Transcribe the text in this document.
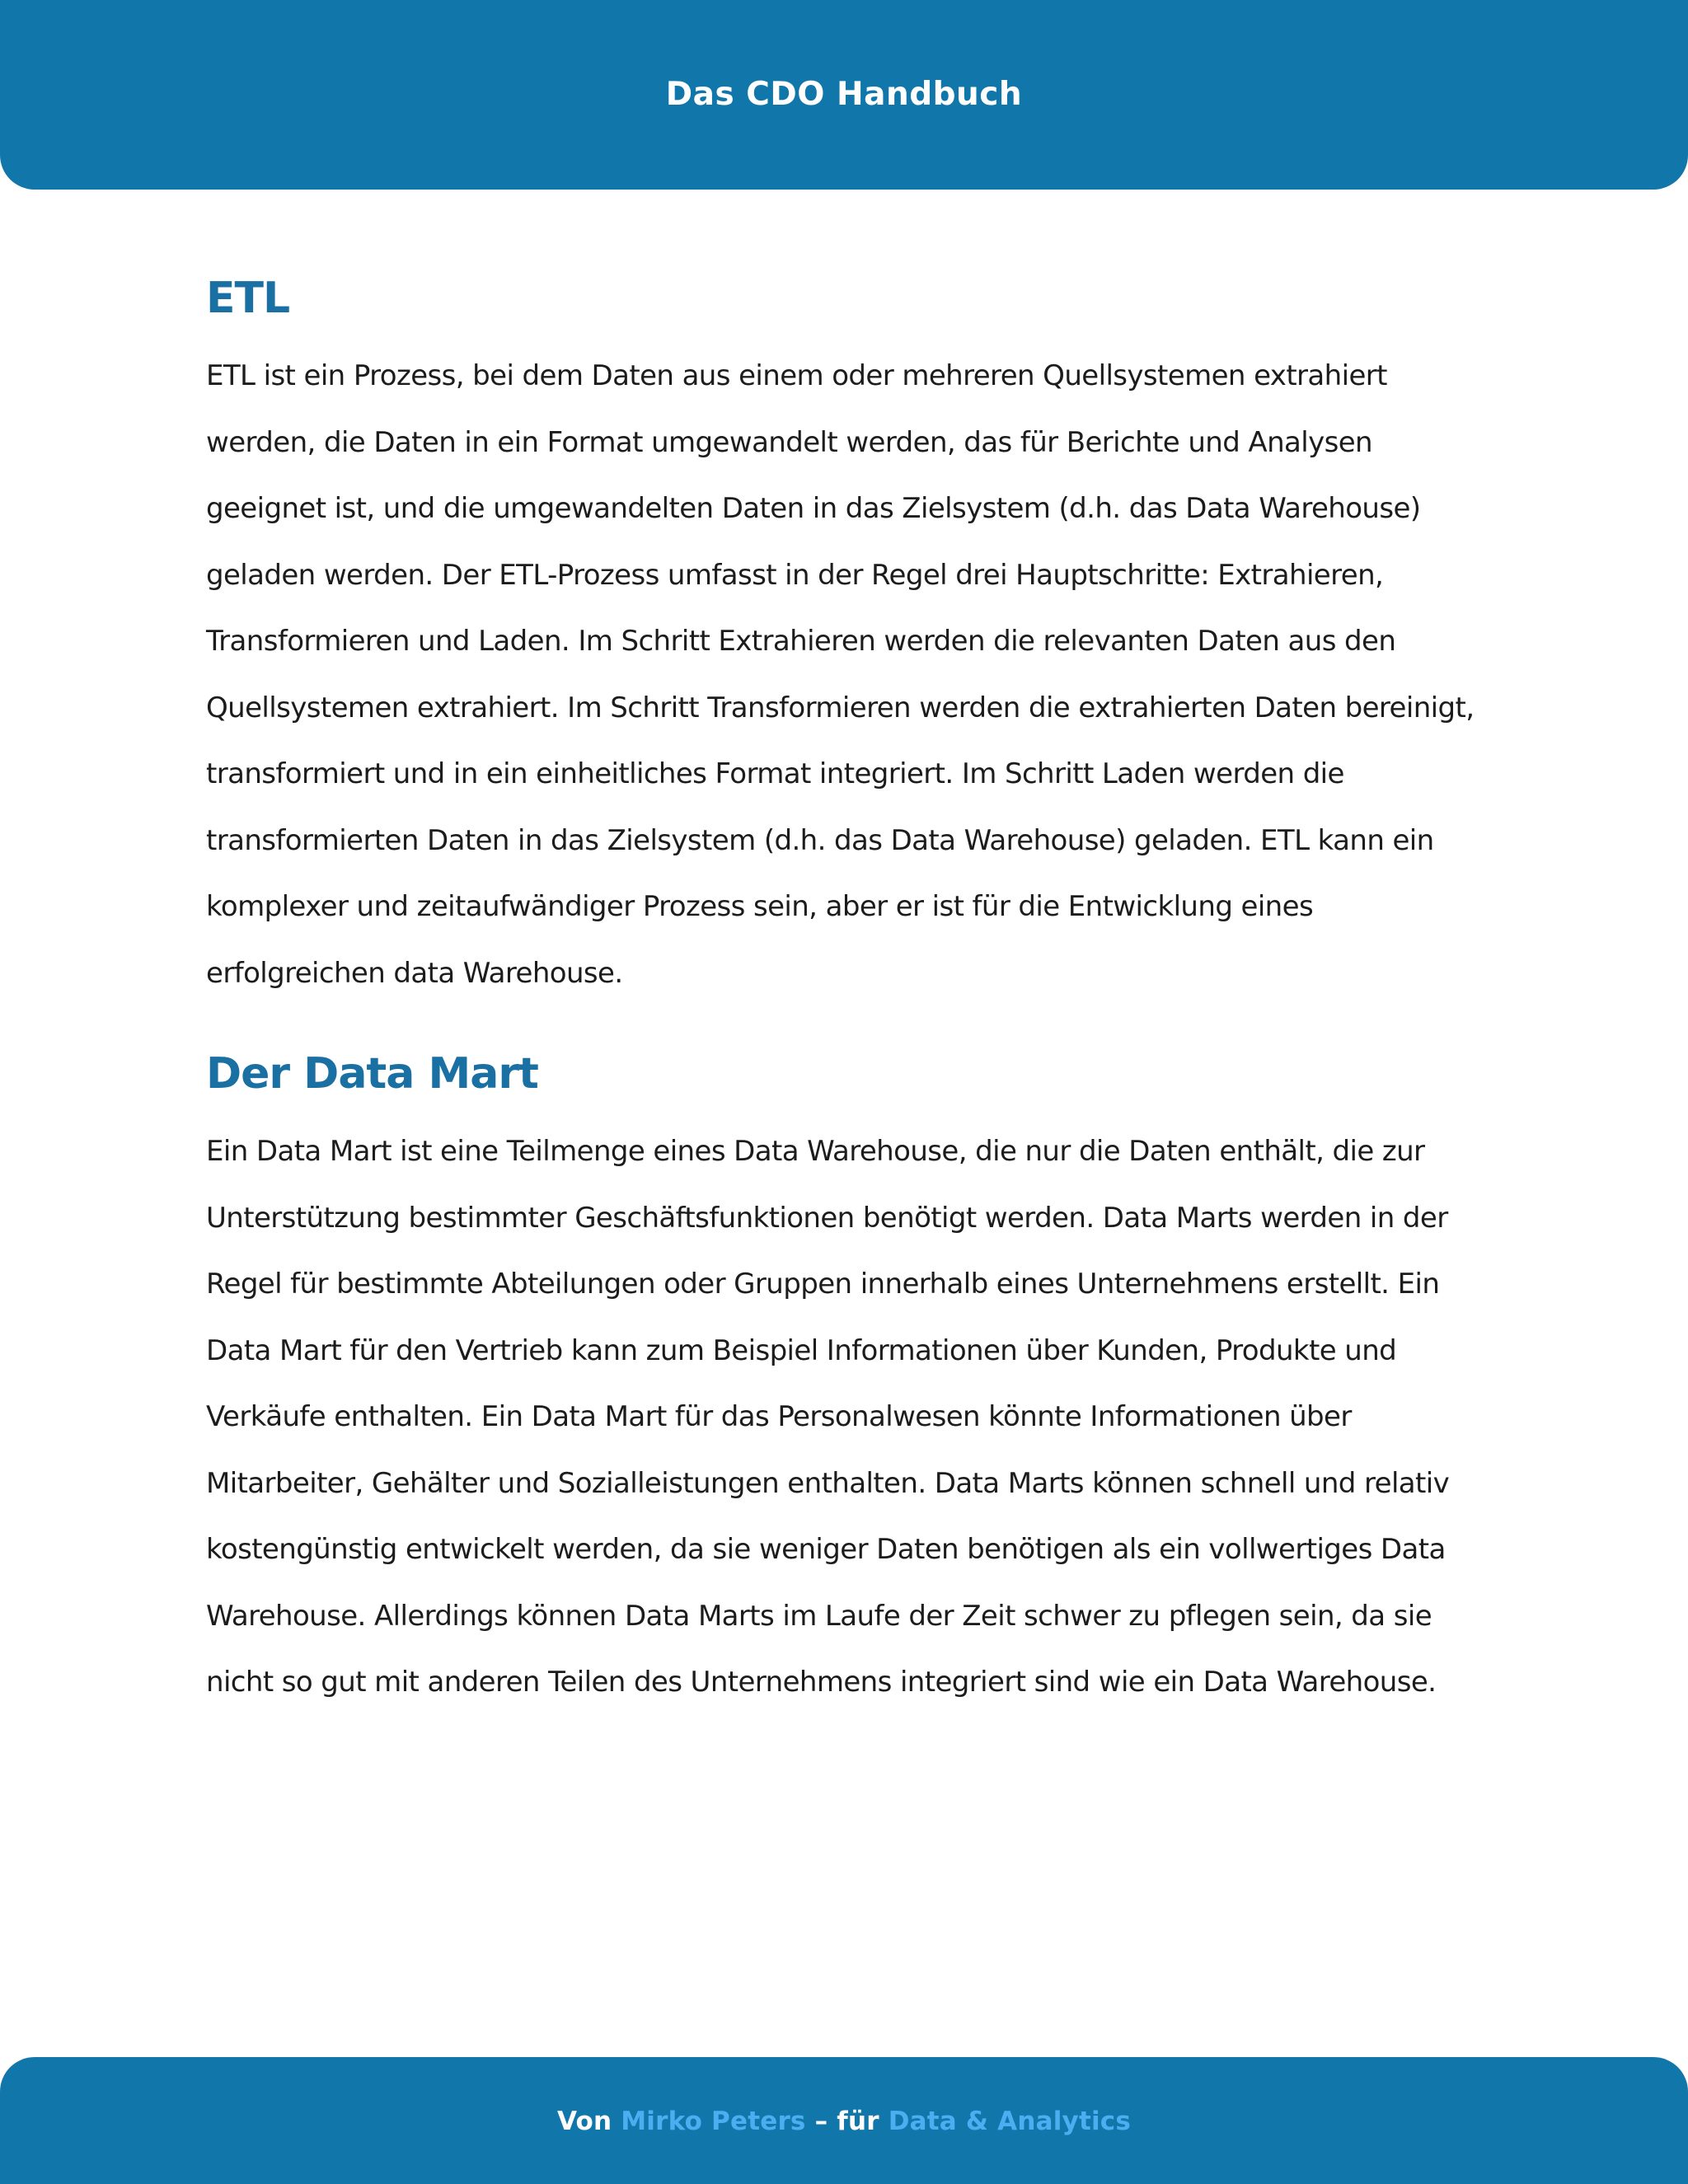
Das CDO Handbuch
ETL

ETL ist ein Prozess, bei dem Daten aus einem oder mehreren Quellsystemen extrahiert werden, die Daten in ein Format umgewandelt werden, das für Berichte und Analysen geeignet ist, und die umgewandelten Daten in das Zielsystem (d.h. das Data Warehouse) geladen werden. Der ETL-Prozess umfasst in der Regel drei Hauptschritte: Extrahieren, Transformieren und Laden. Im Schritt Extrahieren werden die relevanten Daten aus den Quellsystemen extrahiert. Im Schritt Transformieren werden die extrahierten Daten bereinigt, transformiert und in ein einheitliches Format integriert. Im Schritt Laden werden die transformierten Daten in das Zielsystem (d.h. das Data Warehouse) geladen. ETL kann ein komplexer und zeitaufwändiger Prozess sein, aber er ist für die Entwicklung eines erfolgreichen data Warehouse.

Der Data Mart

Ein Data Mart ist eine Teilmenge eines Data Warehouse, die nur die Daten enthält, die zur Unterstützung bestimmter Geschäftsfunktionen benötigt werden. Data Marts werden in der Regel für bestimmte Abteilungen oder Gruppen innerhalb eines Unternehmens erstellt. Ein Data Mart für den Vertrieb kann zum Beispiel Informationen über Kunden, Produkte und Verkäufe enthalten. Ein Data Mart für das Personalwesen könnte Informationen über Mitarbeiter, Gehälter und Sozialleistungen enthalten. Data Marts können schnell und relativ kostengünstig entwickelt werden, da sie weniger Daten benötigen als ein vollwertiges Data Warehouse. Allerdings können Data Marts im Laufe der Zeit schwer zu pflegen sein, da sie nicht so gut mit anderen Teilen des Unternehmens integriert sind wie ein Data Warehouse.

Von Mirko Peters – für Data & Analytics
